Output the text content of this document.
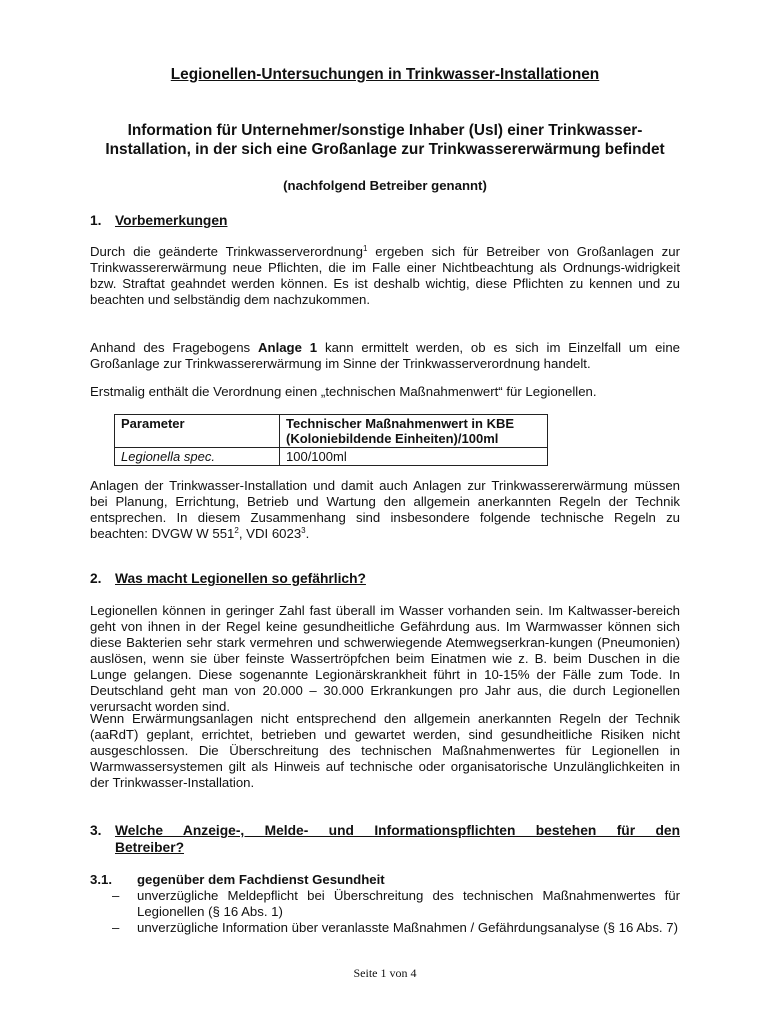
Legionellen-Untersuchungen in Trinkwasser-Installationen
Information für Unternehmer/sonstige Inhaber (UsI) einer Trinkwasser-Installation, in der sich eine Großanlage zur Trinkwassererwärmung befindet
(nachfolgend Betreiber genannt)
1. Vorbemerkungen

Durch die geänderte Trinkwasserverordnung$^1$ ergeben sich für Betreiber von Großanlagen zur Trinkwassererwärmung neue Pflichten, die im Falle einer Nichtbeachtung als Ordnungs-widrigkeit bzw. Straftat geahndet werden können. Es ist deshalb wichtig, diese Pflichten zu kennen und zu beachten und selbständig dem nachzukommen.

Anhand des Fragebogens Anlage 1 kann ermittelt werden, ob es sich im Einzelfall um eine Großanlage zur Trinkwassererwärmung im Sinne der Trinkwasserverordnung handelt.

Erstmalig enthält die Verordnung einen „technischen Maßnahmenwert“ für Legionellen.

Parameter	Technischer Maßnahmenwert in KBE
(Koloniebildende Einheiten)/100ml

Legionella spec.	100/100ml

Anlagen der Trinkwasser-Installation und damit auch Anlagen zur Trinkwassererwärmung müssen bei Planung, Errichtung, Betrieb und Wartung den allgemein anerkannten Regeln der Technik entsprechen. In diesem Zusammenhang sind insbesondere folgende technische Regeln zu beachten: DVGW W $551^2$, VDI 6023$^3$.

2. Was macht Legionellen so gefährlich?

Legionellen können in geringer Zahl fast überall im Wasser vorhanden sein. Im Kaltwasser-bereich geht von ihnen in der Regel keine gesundheitliche Gefährdung aus. Im Warmwasser können sich diese Bakterien sehr stark vermehren und schwerwiegende Atemwegserkran-kungen (Pneumonien) auslösen, wenn sie über feinste Wassertröpfchen beim Einatmen wie z. B. beim Duschen in die Lunge gelangen. Diese sogenannte Legionärskrankheit führt in 10-15% der Fälle zum Tode. In Deutschland geht man von 20.000 – 30.000 Erkrankungen pro Jahr aus, die durch Legionellen verursacht worden sind.

Wenn Erwärmungsanlagen nicht entsprechend den allgemein anerkannten Regeln der Technik (aaRdT) geplant, errichtet, betrieben und gewartet werden, sind gesundheitliche Risiken nicht ausgeschlossen. Die Überschreitung des technischen Maßnahmenwertes für Legionellen in Warmwassersystemen gilt als Hinweis auf technische oder organisatorische Unzulänglichkeiten in der Trinkwasser-Installation.

3. Welche Anzeige-, Melde- und Informationspflichten bestehen für den
Betreiber?
3.1. gegenüber dem Fachdienst Gesundheit
– unverzügliche Meldepflicht bei Überschreitung des technischen Maßnahmenwertes für Legionellen (§ 16 Abs. 1)
– unverzügliche Information über veranlasste Maßnahmen / Gefährdungsanalyse (§ 16 Abs. 7)
Seite 1 von 4
